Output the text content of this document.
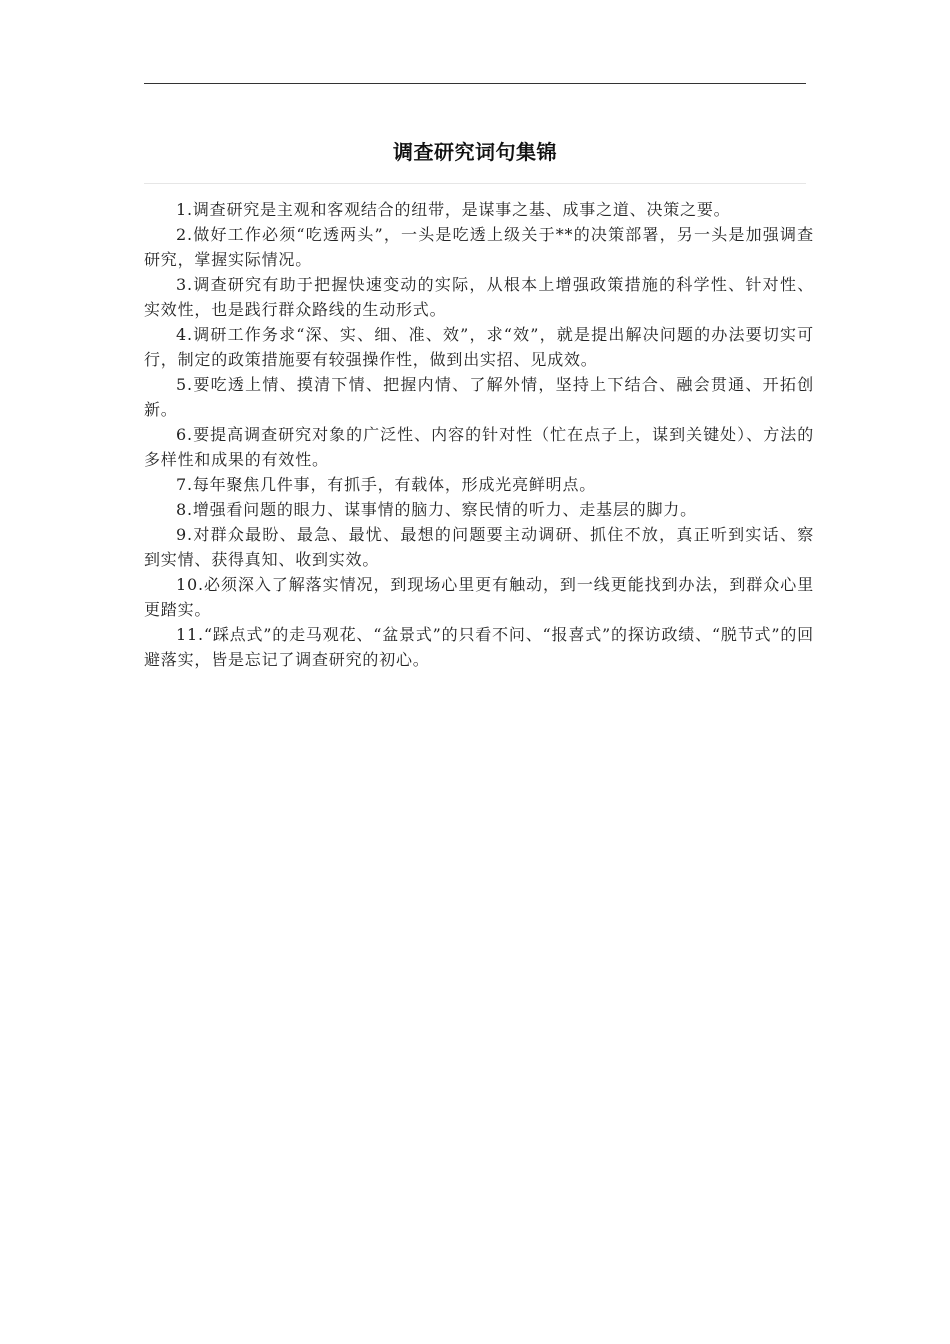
调查研究词句集锦

1.调查研究是主观和客观结合的纽带，是谋事之基、成事之道、决策之要。

2.做好工作必须“吃透两头”，一头是吃透上级关于**的决策部署，另一头是加强调查研究，掌握实际情况。

3.调查研究有助于把握快速变动的实际，从根本上增强政策措施的科学性、针对性、实效性，也是践行群众路线的生动形式。

4.调研工作务求“深、实、细、准、效”，求“效”，就是提出解决问题的办法要切实可行，制定的政策措施要有较强操作性，做到出实招、见成效。

5.要吃透上情、摸清下情、把握内情、了解外情，坚持上下结合、融会贯通、开拓创新。

6.要提高调查研究对象的广泛性、内容的针对性（忙在点子上，谋到关键处）、方法的多样性和成果的有效性。

7.每年聚焦几件事，有抓手，有载体，形成光亮鲜明点。

8.增强看问题的眼力、谋事情的脑力、察民情的听力、走基层的脚力。

9.对群众最盼、最急、最忧、最想的问题要主动调研、抓住不放，真正听到实话、察到实情、获得真知、收到实效。

10.必须深入了解落实情况，到现场心里更有触动，到一线更能找到办法，到群众心里更踏实。

11.“踩点式”的走马观花、“盆景式”的只看不问、“报喜式”的探访政绩、“脱节式”的回避落实，皆是忘记了调查研究的初心。
